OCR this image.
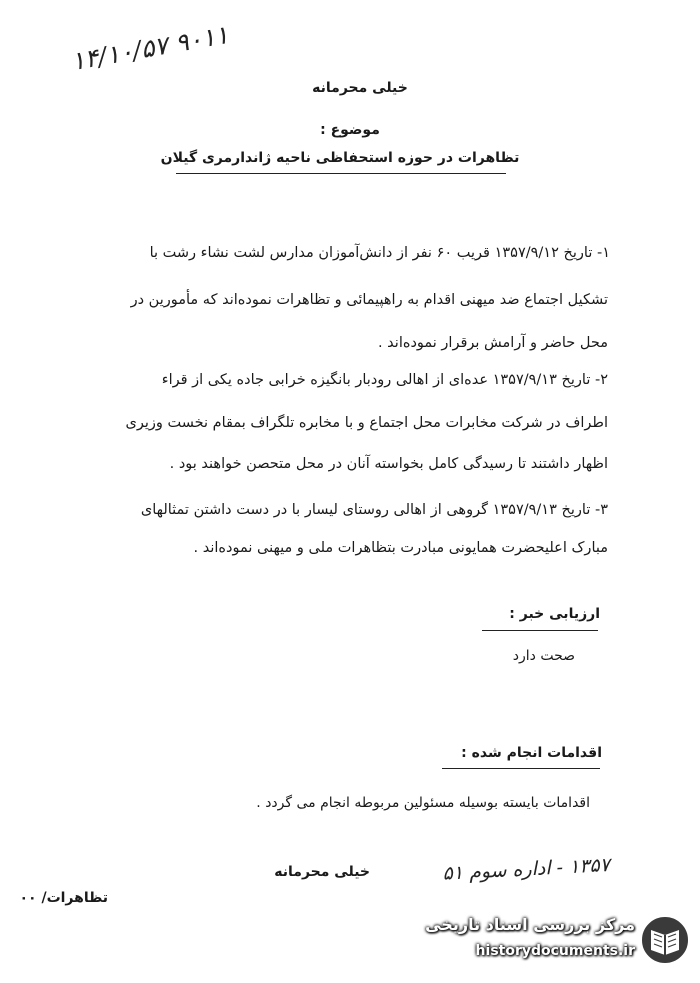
۱۴/۱۰/۵۷ ۹۰۱۱
خیلی محرمانه
موضوع :
تظاهرات در حوزه استحفاظی ناحیه ژاندارمری گیلان
۱- تاریخ ۱۳۵۷/۹/۱۲ قریب ۶۰ نفر از دانش‌آموزان مدارس لشت نشاء رشت با
تشکیل اجتماع ضد میهنی اقدام به راهپیمائی و تظاهرات نموده‌اند که مأمورین در
محل حاضر و آرامش برقرار نموده‌اند .
۲- تاریخ ۱۳۵۷/۹/۱۳ عده‌ای از اهالی رودبار بانگیزه خرابی جاده یکی از قراء
اطراف در شرکت مخابرات محل اجتماع و با مخابره تلگراف بمقام نخست وزیری
اظهار داشتند تا رسیدگی کامل بخواسته آنان در محل متحصن خواهند بود .
۳- تاریخ ۱۳۵۷/۹/۱۳ گروهی از اهالی روستای لیسار با در دست داشتن تمثالهای
مبارک اعلیحضرت همایونی مبادرت بتظاهرات ملی و میهنی نموده‌اند .
ارزیابی خبر :
صحت دارد
اقدامات انجام شده :
اقدامات بایسته بوسیله مسئولین مربوطه انجام می گردد .
۱۳۵۷ - اداره سوم ۵۱
خیلی محرمانه
تظاهرات/ ۰۰
مرکز بررسی اسناد تاریخی
historydocuments.ir
